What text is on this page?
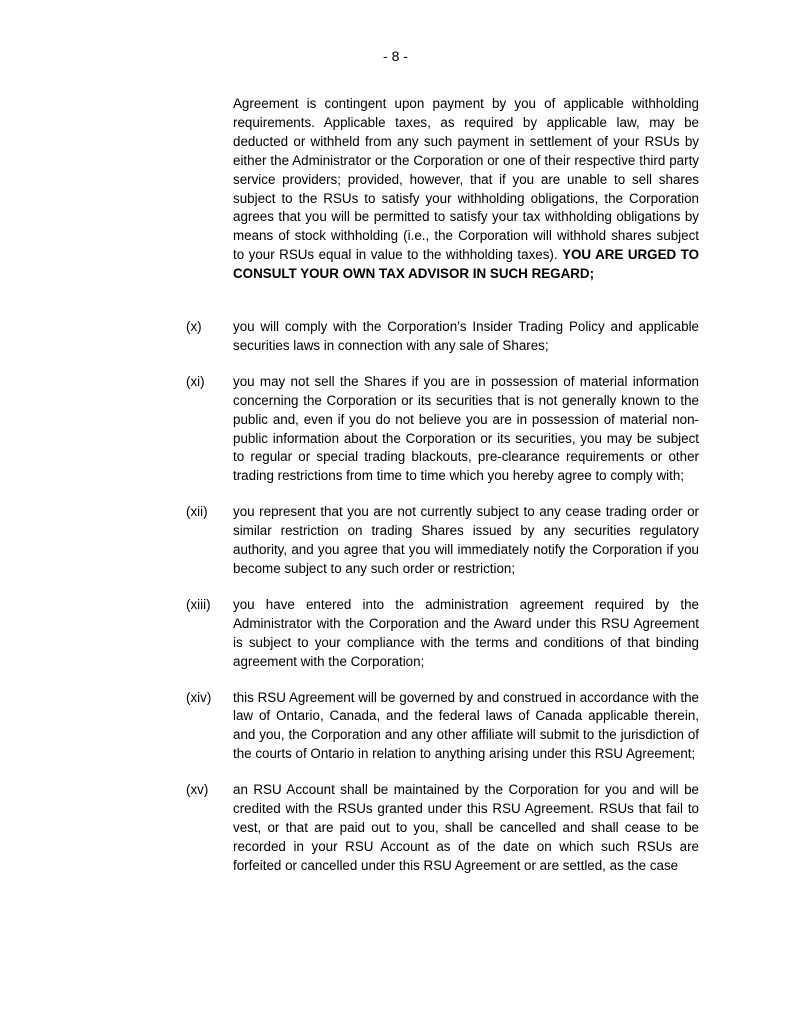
- 8 -

Agreement is contingent upon payment by you of applicable withholding requirements. Applicable taxes, as required by applicable law, may be deducted or withheld from any such payment in settlement of your RSUs by either the Administrator or the Corporation or one of their respective third party service providers; provided, however, that if you are unable to sell shares subject to the RSUs to satisfy your withholding obligations, the Corporation agrees that you will be permitted to satisfy your tax withholding obligations by means of stock withholding (i.e., the Corporation will withhold shares subject to your RSUs equal in value to the withholding taxes). YOU ARE URGED TO CONSULT YOUR OWN TAX ADVISOR IN SUCH REGARD;

(x)	you will comply with the Corporation’s Insider Trading Policy and applicable securities laws in connection with any sale of Shares;

(xi)	you may not sell the Shares if you are in possession of material information concerning the Corporation or its securities that is not generally known to the public and, even if you do not believe you are in possession of material non-public information about the Corporation or its securities, you may be subject to regular or special trading blackouts, pre-clearance requirements or other trading restrictions from time to time which you hereby agree to comply with;

(xii)	you represent that you are not currently subject to any cease trading order or similar restriction on trading Shares issued by any securities regulatory authority, and you agree that you will immediately notify the Corporation if you become subject to any such order or restriction;

(xiii)	you have entered into the administration agreement required by the Administrator with the Corporation and the Award under this RSU Agreement is subject to your compliance with the terms and conditions of that binding agreement with the Corporation;

(xiv)	this RSU Agreement will be governed by and construed in accordance with the law of Ontario, Canada, and the federal laws of Canada applicable therein, and you, the Corporation and any other affiliate will submit to the jurisdiction of the courts of Ontario in relation to anything arising under this RSU Agreement;

(xv)	an RSU Account shall be maintained by the Corporation for you and will be credited with the RSUs granted under this RSU Agreement. RSUs that fail to vest, or that are paid out to you, shall be cancelled and shall cease to be recorded in your RSU Account as of the date on which such RSUs are forfeited or cancelled under this RSU Agreement or are settled, as the case
